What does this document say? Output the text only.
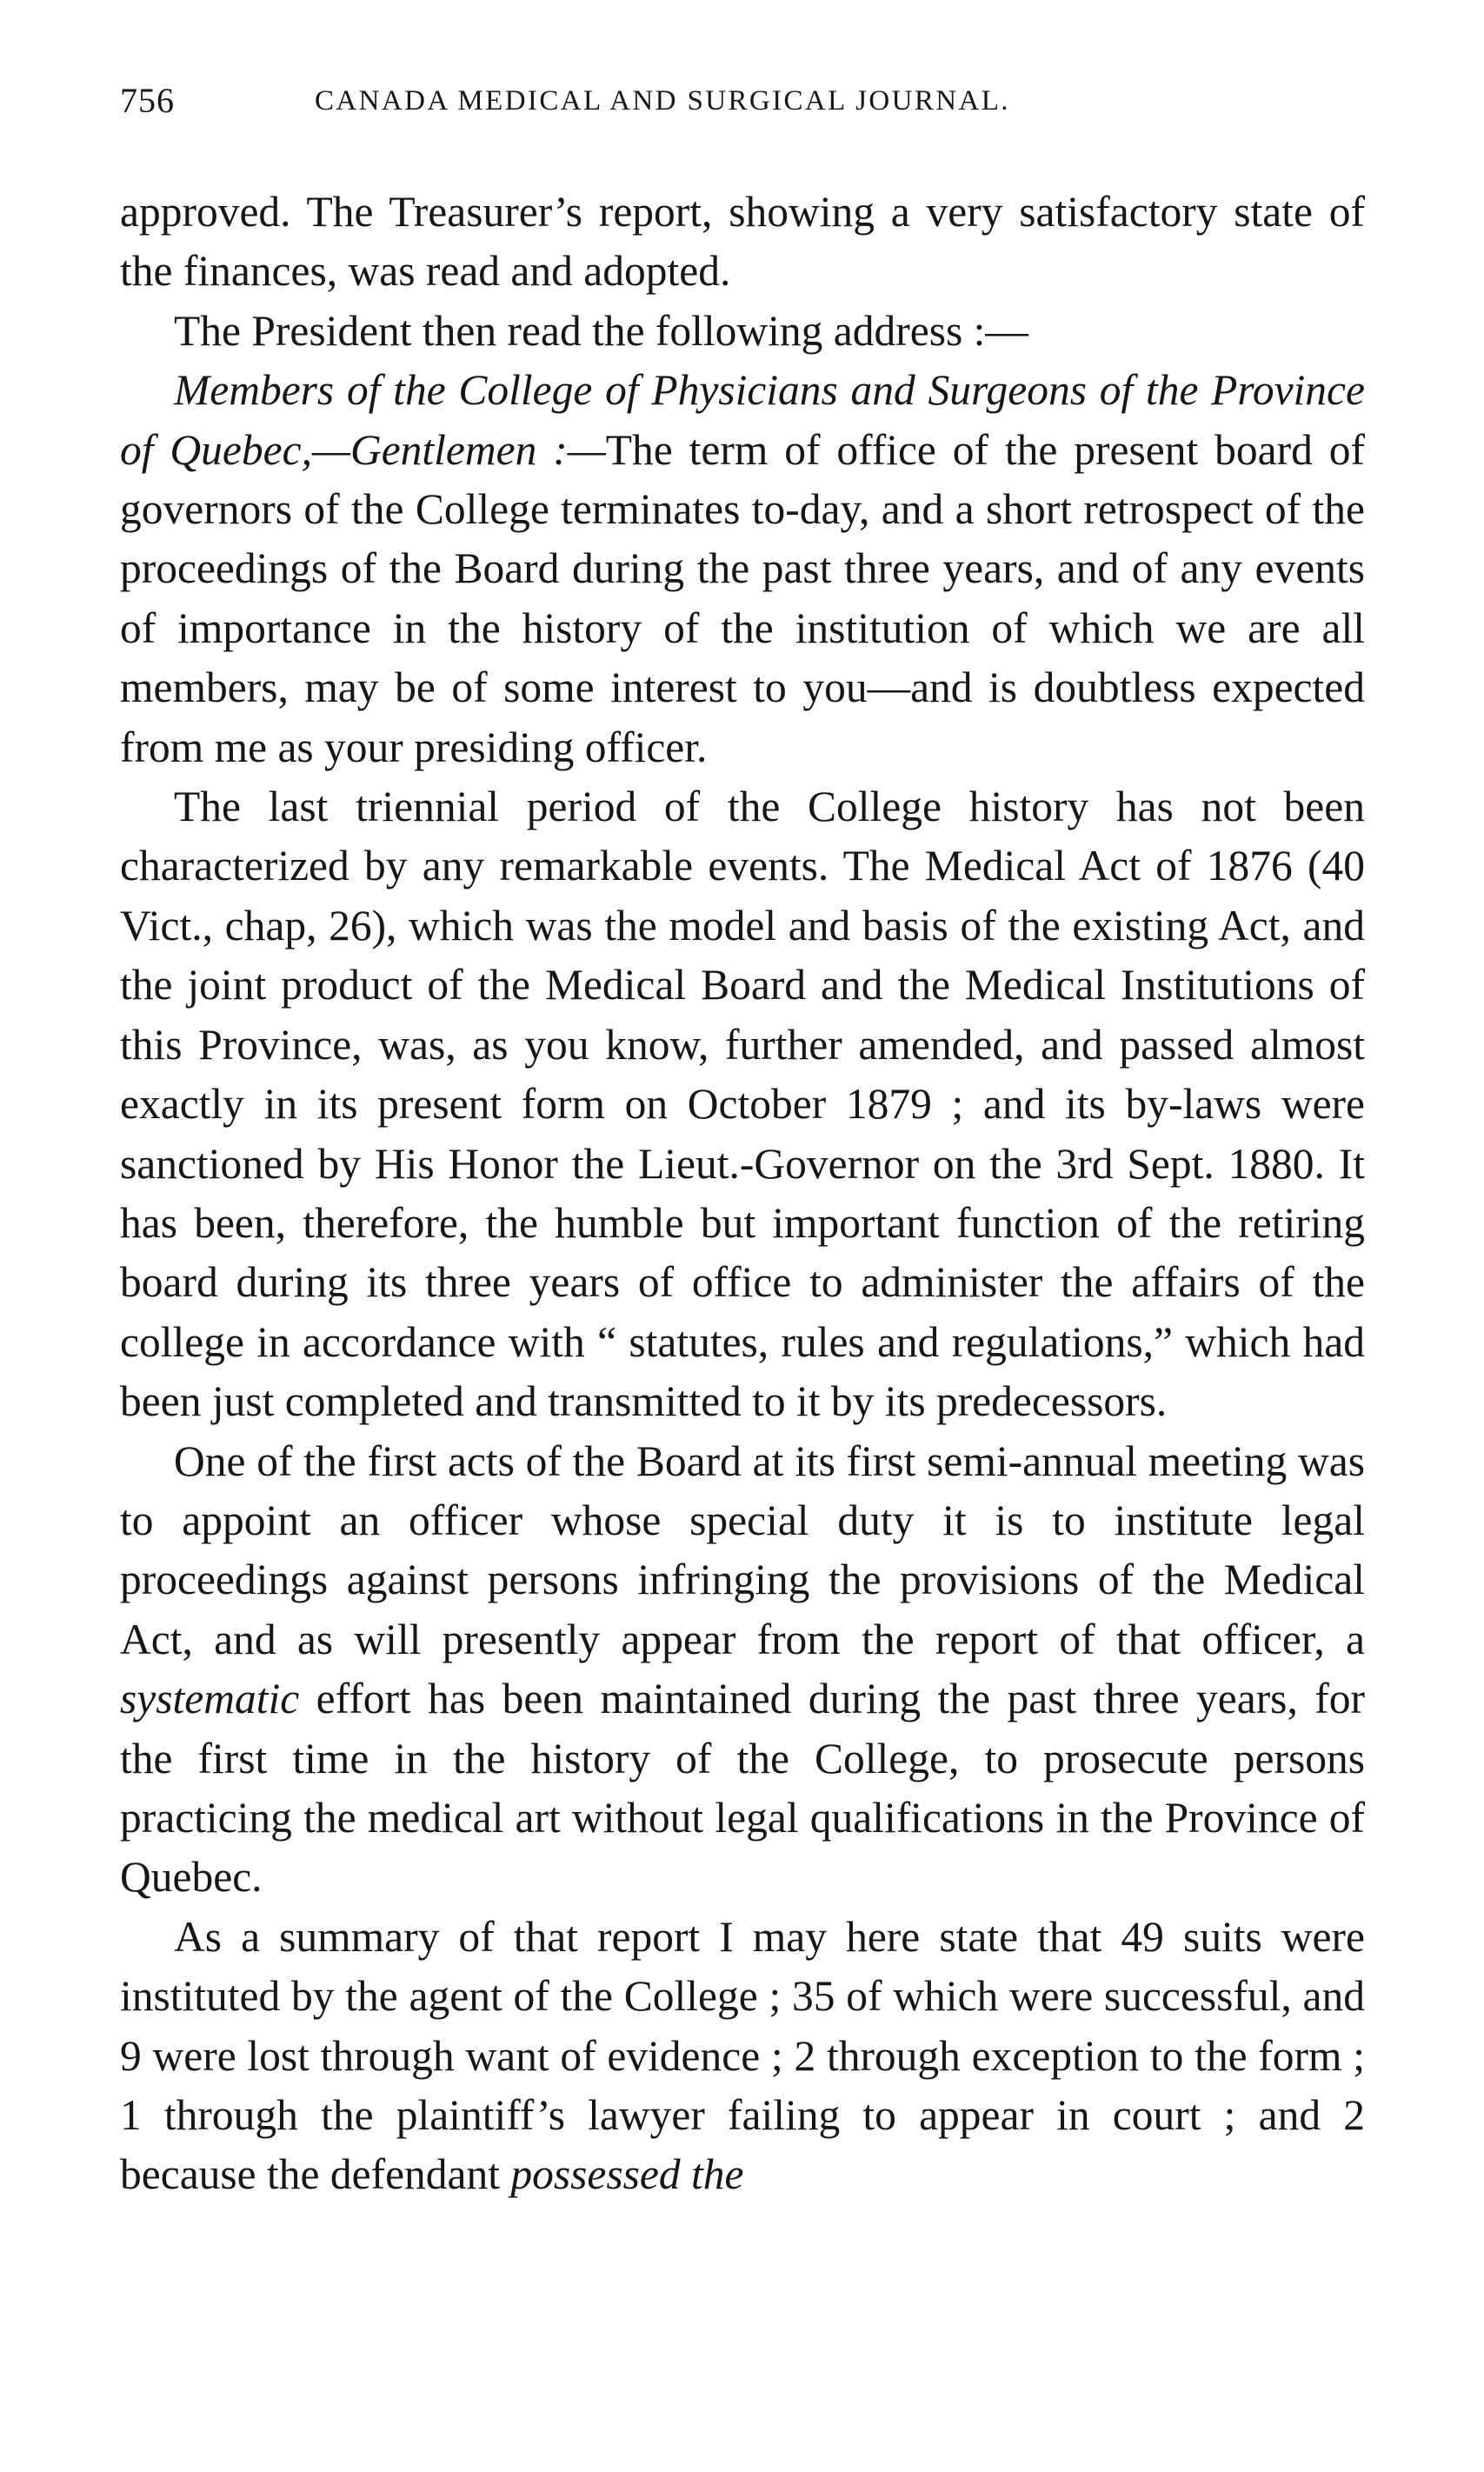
756	CANADA MEDICAL AND SURGICAL JOURNAL.

approved. The Treasurer’s report, showing a very satisfactory state of the finances, was read and adopted.

The President then read the following address :—

Members of the College of Physicians and Surgeons of the Province of Quebec,—Gentlemen :—The term of office of the present board of governors of the College terminates to-day, and a short retrospect of the proceedings of the Board during the past three years, and of any events of importance in the history of the institution of which we are all members, may be of some interest to you—and is doubtless expected from me as your presiding officer.

The last triennial period of the College history has not been characterized by any remarkable events. The Medical Act of 1876 (40 Vict., chap, 26), which was the model and basis of the existing Act, and the joint product of the Medical Board and the Medical Institutions of this Province, was, as you know, further amended, and passed almost exactly in its present form on October 1879 ; and its by-laws were sanctioned by His Honor the Lieut.-Governor on the 3rd Sept. 1880. It has been, therefore, the humble but important function of the retiring board during its three years of office to administer the affairs of the college in accordance with “ statutes, rules and regulations,” which had been just completed and transmitted to it by its predecessors.

One of the first acts of the Board at its first semi-annual meeting was to appoint an officer whose special duty it is to institute legal proceedings against persons infringing the provisions of the Medical Act, and as will presently appear from the report of that officer, a systematic effort has been maintained during the past three years, for the first time in the history of the College, to prosecute persons practicing the medical art without legal qualifications in the Province of Quebec.

As a summary of that report I may here state that 49 suits were instituted by the agent of the College ; 35 of which were successful, and 9 were lost through want of evidence ; 2 through exception to the form ; 1 through the plaintiff’s lawyer failing to appear in court ; and 2 because the defendant possessed the
